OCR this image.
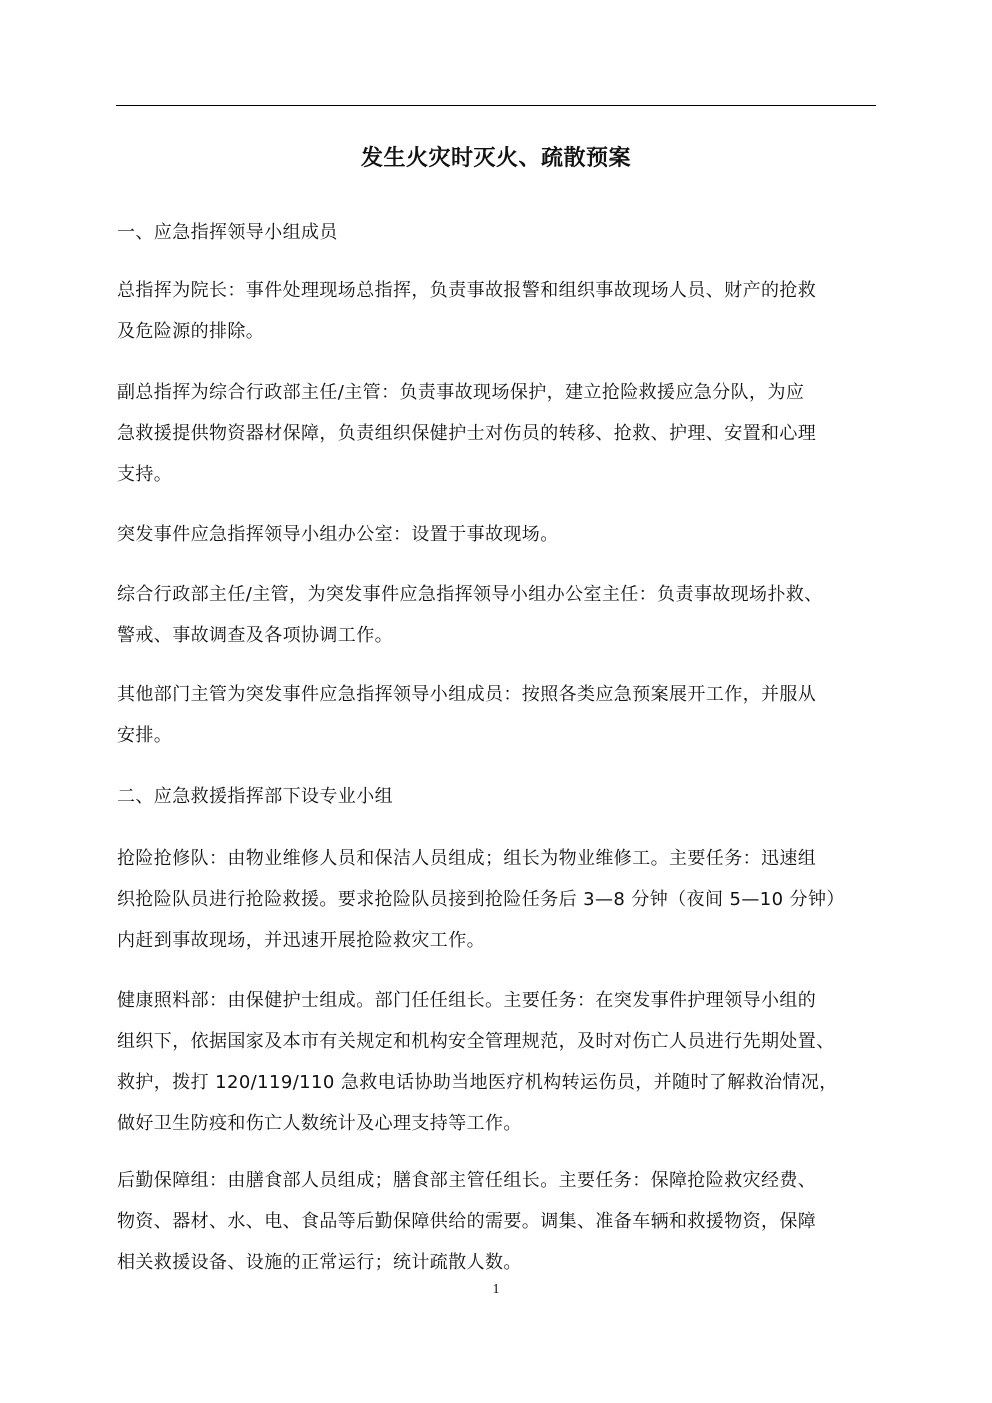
发生火灾时灭火、疏散预案
一、应急指挥领导小组成员
总指挥为院长：事件处理现场总指挥，负责事故报警和组织事故现场人员、财产的抢救
及危险源的排除。
副总指挥为综合行政部主任/主管：负责事故现场保护，建立抢险救援应急分队，为应
急救援提供物资器材保障，负责组织保健护士对伤员的转移、抢救、护理、安置和心理
支持。
突发事件应急指挥领导小组办公室：设置于事故现场。
综合行政部主任/主管，为突发事件应急指挥领导小组办公室主任：负责事故现场扑救、
警戒、事故调查及各项协调工作。
其他部门主管为突发事件应急指挥领导小组成员：按照各类应急预案展开工作，并服从
安排。
二、应急救援指挥部下设专业小组
抢险抢修队：由物业维修人员和保洁人员组成；组长为物业维修工。主要任务：迅速组
织抢险队员进行抢险救援。要求抢险队员接到抢险任务后 3—8 分钟（夜间 5—10 分钟）
内赶到事故现场，并迅速开展抢险救灾工作。
健康照料部：由保健护士组成。部门任任组长。主要任务：在突发事件护理领导小组的
组织下，依据国家及本市有关规定和机构安全管理规范，及时对伤亡人员进行先期处置、
救护，拨打 120/119/110 急救电话协助当地医疗机构转运伤员，并随时了解救治情况，
做好卫生防疫和伤亡人数统计及心理支持等工作。
后勤保障组：由膳食部人员组成；膳食部主管任组长。主要任务：保障抢险救灾经费、
物资、器材、水、电、食品等后勤保障供给的需要。调集、准备车辆和救援物资，保障
相关救援设备、设施的正常运行；统计疏散人数。
1
